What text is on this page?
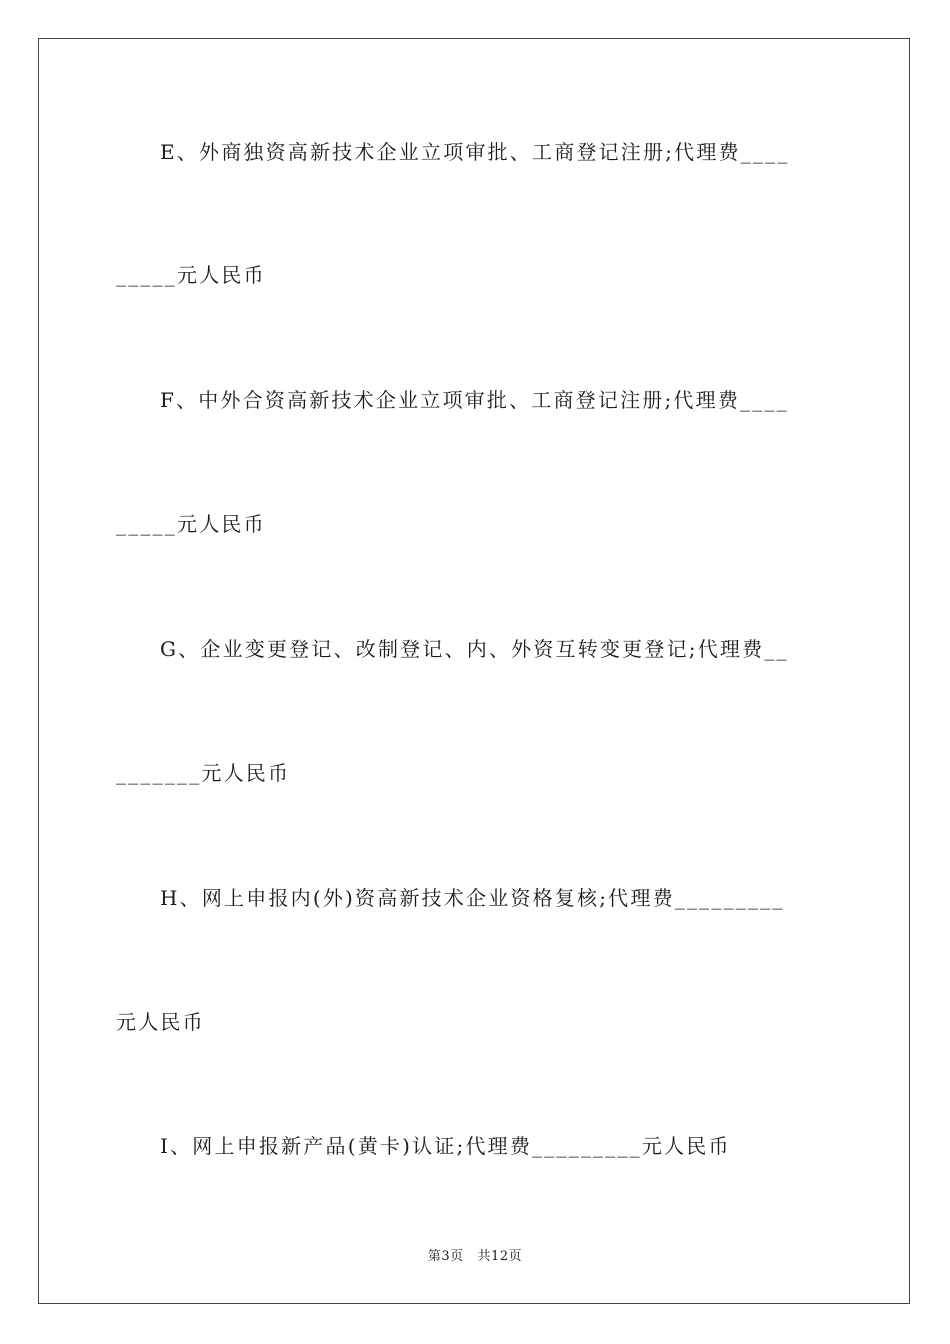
E、外商独资高新技术企业立项审批、工商登记注册;代理费____
_____元人民币
F、中外合资高新技术企业立项审批、工商登记注册;代理费____
_____元人民币
G、企业变更登记、改制登记、内、外资互转变更登记;代理费__
_______元人民币
H、网上申报内(外)资高新技术企业资格复核;代理费_________
元人民币
I、网上申报新产品(黄卡)认证;代理费_________元人民币
第3页   共12页
